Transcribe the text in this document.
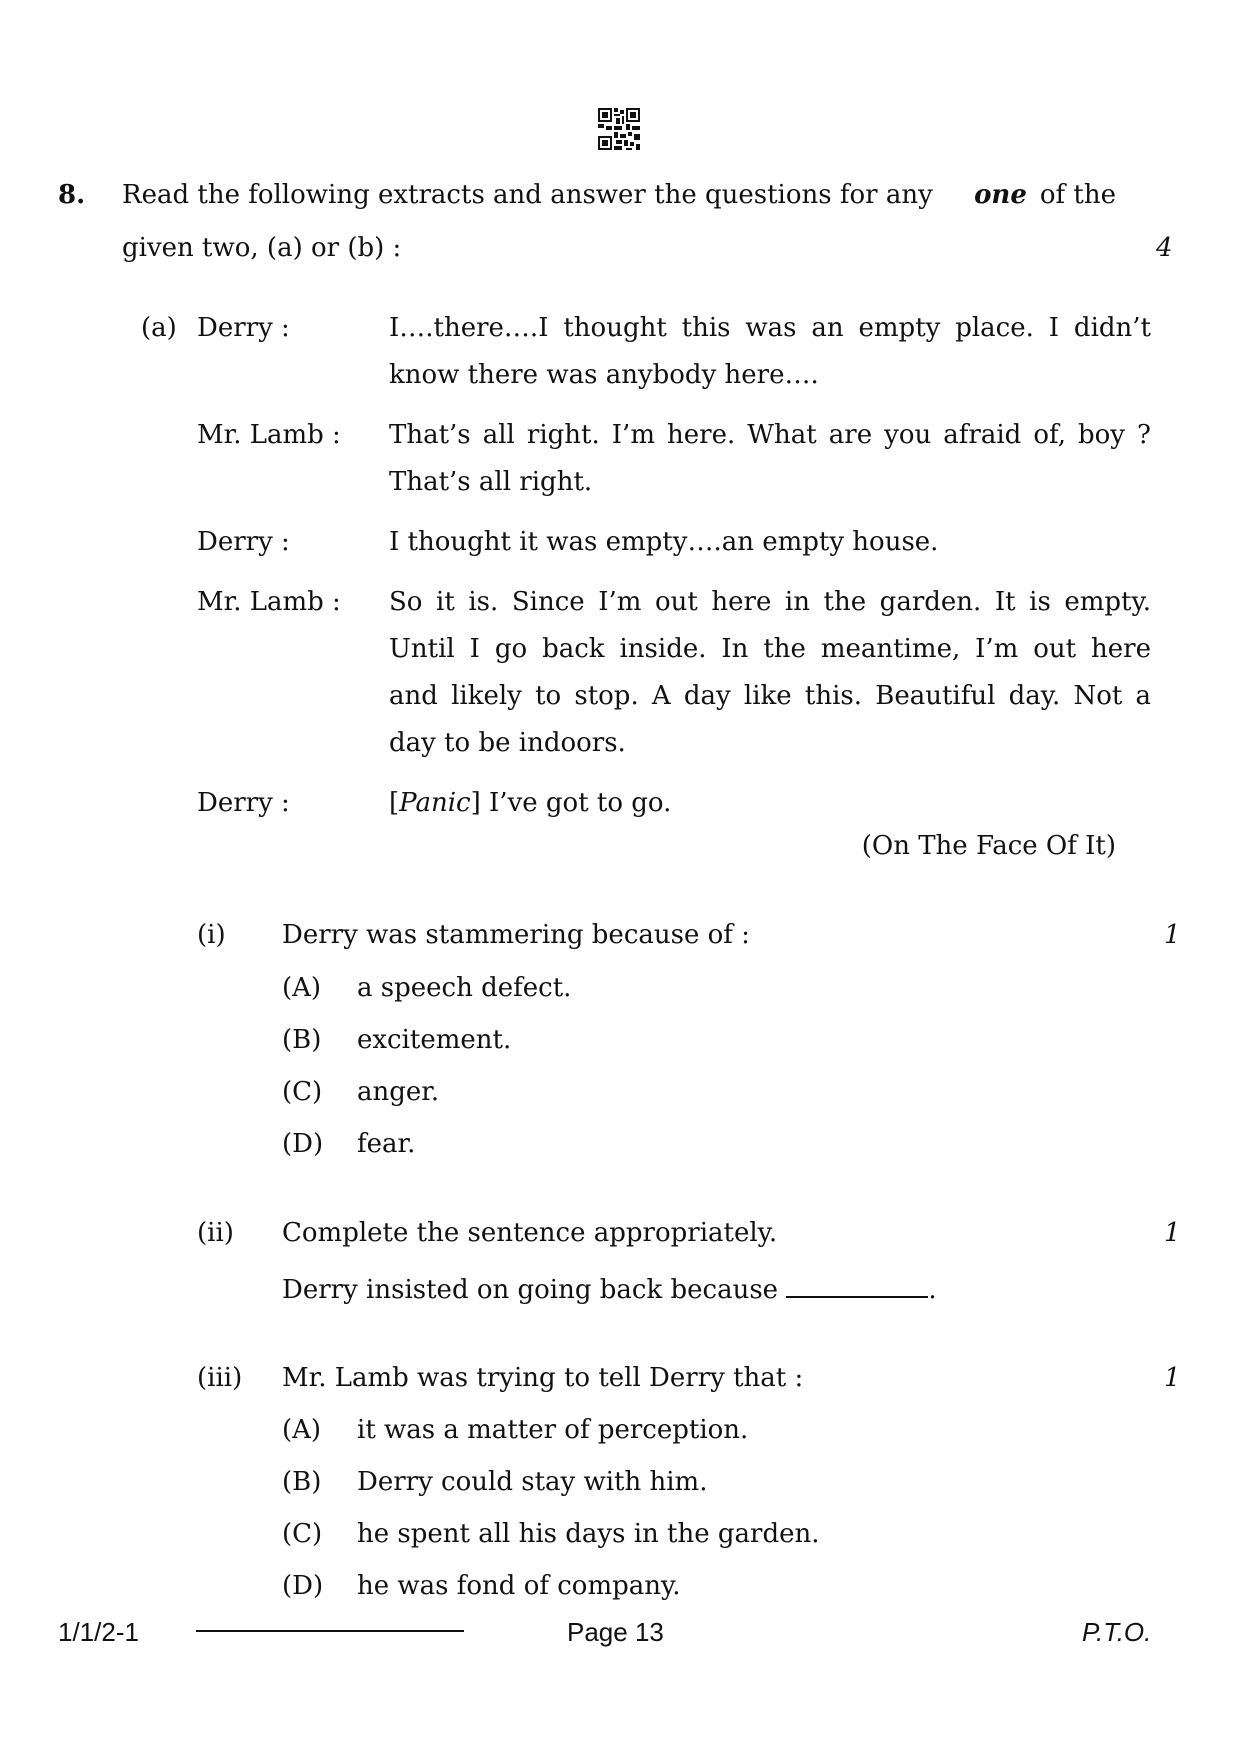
8. Read the following extracts and answer the questions for any one  of the
given two, (a) or (b) :	4
(a) Derry :	I….there….I thought this was an empty place. I didn’t
know there was anybody here….
Mr. Lamb : That’s all right. I’m here. What are you afraid of, boy ?
That’s all right.
Derry :	I thought it was empty….an empty house.
Mr. Lamb : So it is. Since I’m out here in the garden. It is empty.
Until I go back inside. In the meantime, I’m out here
and likely to stop. A day like this. Beautiful day. Not a
day to be indoors.
Derry :	[Panic] I’ve got to go.
(On The Face Of It)
(i) Derry was stammering because of :	1
(A) a speech defect.
(B) excitement.
(C) anger.
(D) fear.
(ii) Complete the sentence appropriately.	1
Derry insisted on going back because	.
(iii) Mr. Lamb was trying to tell Derry that :	1
(A) it was a matter of perception.
(B) Derry could stay with him.
(C) he spent all his days in the garden.
(D) he was fond of company.
1/1/2-1	Page 13	P.T.O.
